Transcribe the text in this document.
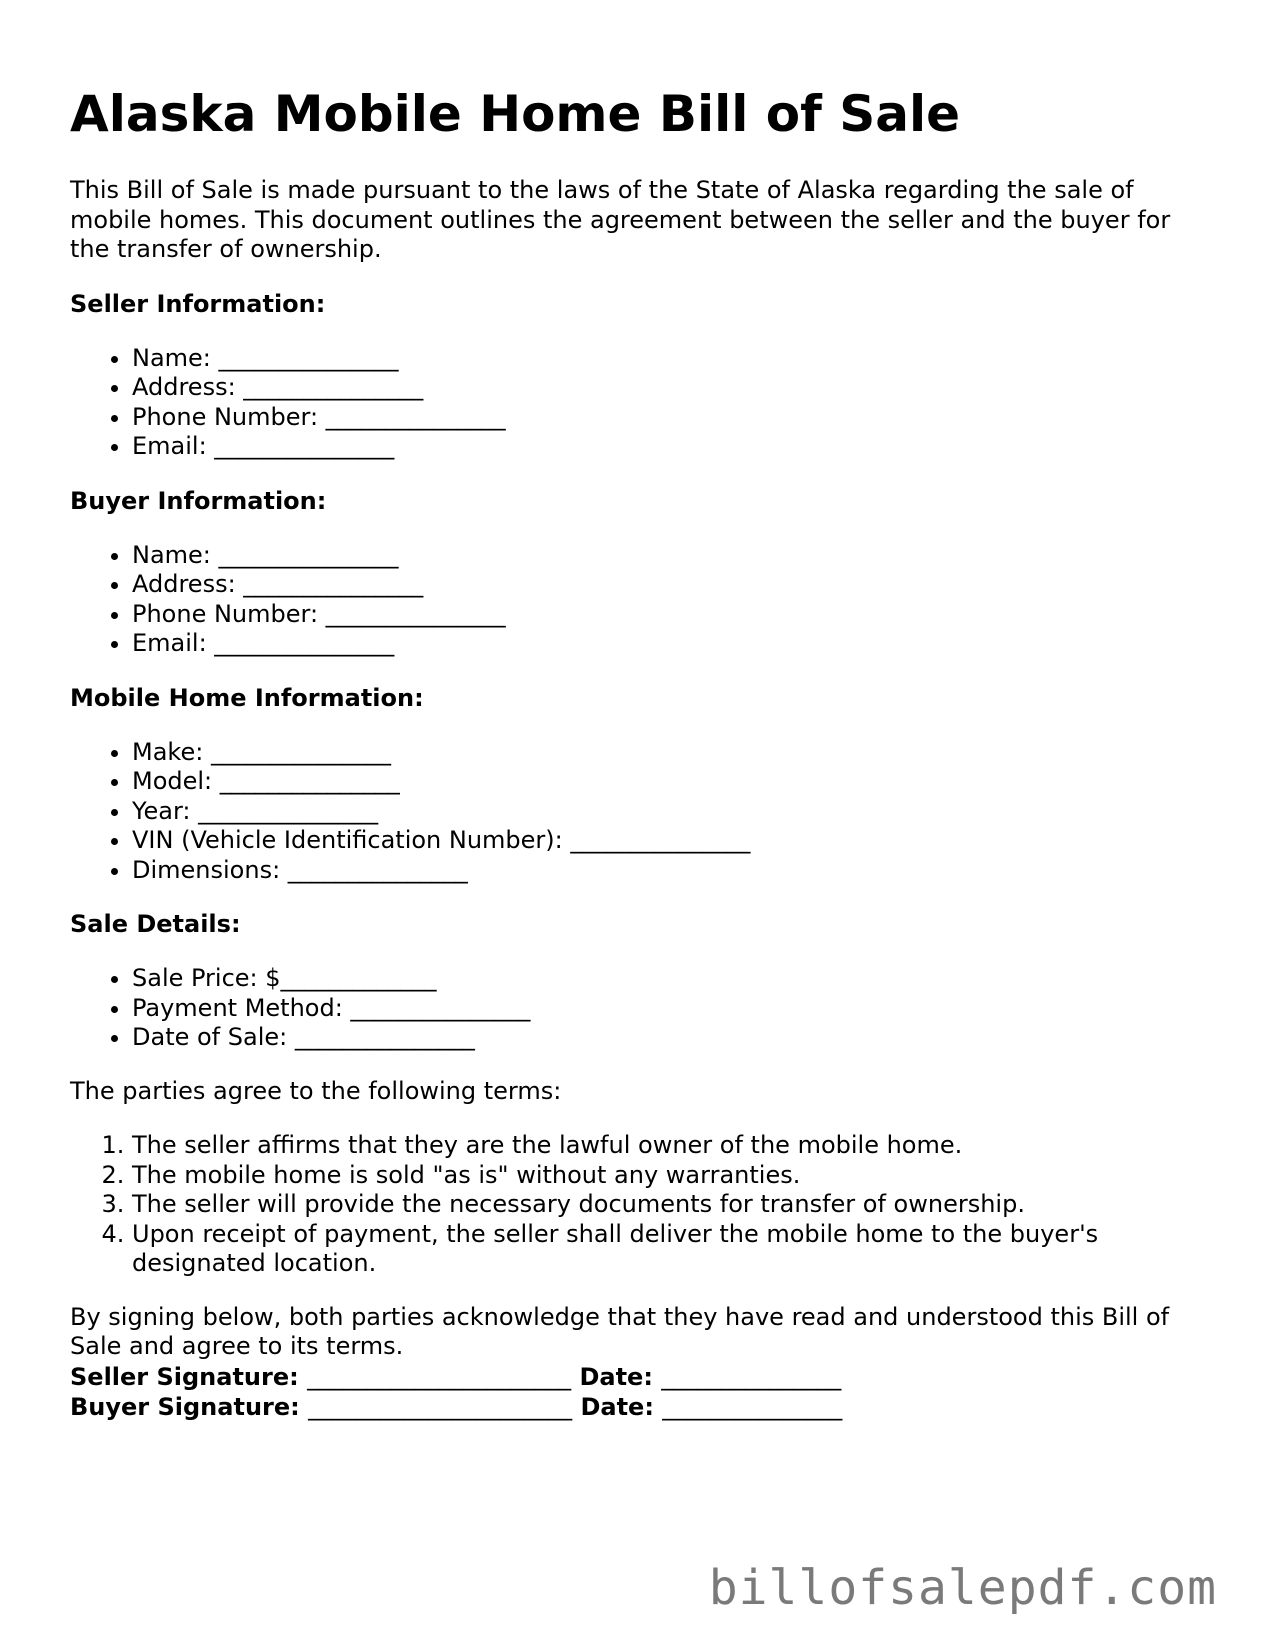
Alaska Mobile Home Bill of Sale

This Bill of Sale is made pursuant to the laws of the State of Alaska regarding the sale of mobile homes. This document outlines the agreement between the seller and the buyer for the transfer of ownership.

Seller Information:

• Name: _______________
• Address: _______________
• Phone Number: _______________
• Email: _______________

Buyer Information:

• Name: _______________
• Address: _______________
• Phone Number: _______________
• Email: _______________

Mobile Home Information:

• Make: _______________
• Model: _______________
• Year: _______________
• VIN (Vehicle Identification Number): _______________
• Dimensions: _______________

Sale Details:

• Sale Price: $_____________
• Payment Method: _______________
• Date of Sale: _______________

The parties agree to the following terms:

1. The seller affirms that they are the lawful owner of the mobile home.
2. The mobile home is sold "as is" without any warranties.
3. The seller will provide the necessary documents for transfer of ownership.
4. Upon receipt of payment, the seller shall deliver the mobile home to the buyer's designated location.

By signing below, both parties acknowledge that they have read and understood this Bill of Sale and agree to its terms.

Seller Signature: ______________________ Date: _______________

Buyer Signature: ______________________ Date: _______________

billofsalepdf.com
